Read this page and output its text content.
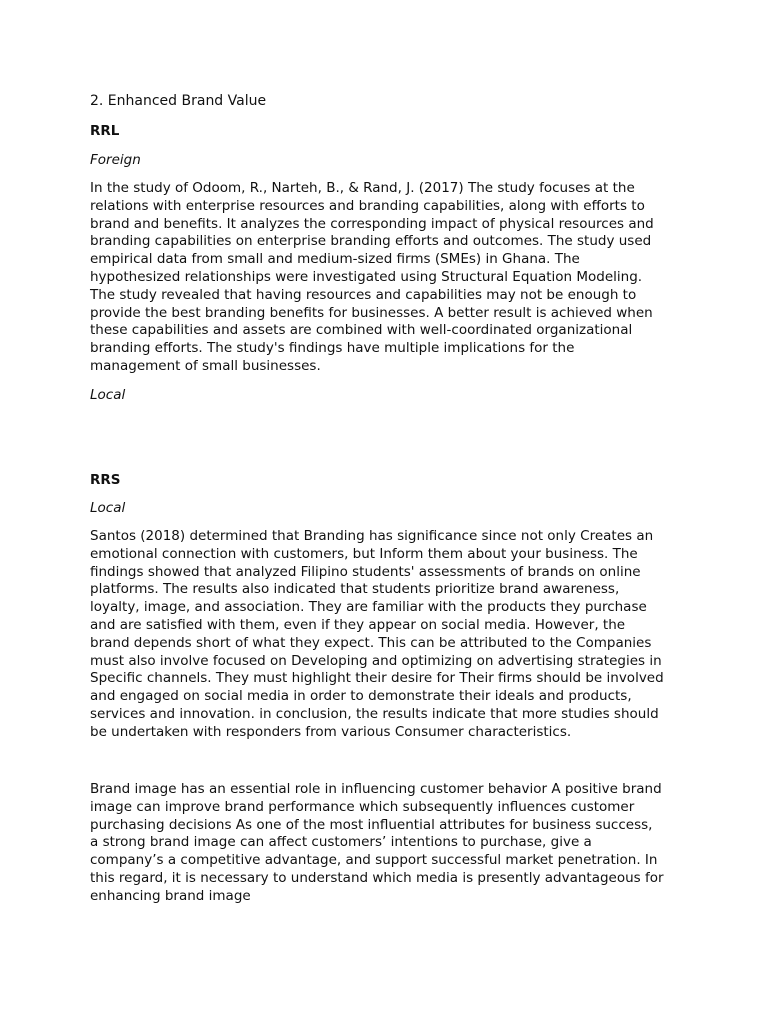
2. Enhanced Brand Value

RRL

Foreign

In the study of Odoom, R., Narteh, B., & Rand, J. (2017) The study focuses at the
relations with enterprise resources and branding capabilities, along with efforts to
brand and benefits. It analyzes the corresponding impact of physical resources and
branding capabilities on enterprise branding efforts and outcomes. The study used
empirical data from small and medium-sized firms (SMEs) in Ghana. The
hypothesized relationships were investigated using Structural Equation Modeling.
The study revealed that having resources and capabilities may not be enough to
provide the best branding benefits for businesses. A better result is achieved when
these capabilities and assets are combined with well-coordinated organizational
branding efforts. The study's findings have multiple implications for the
management of small businesses.

Local

RRS

Local

Santos (2018) determined that Branding has significance since not only Creates an
emotional connection with customers, but Inform them about your business. The
findings showed that analyzed Filipino students' assessments of brands on online
platforms. The results also indicated that students prioritize brand awareness,
loyalty, image, and association. They are familiar with the products they purchase
and are satisfied with them, even if they appear on social media. However, the
brand depends short of what they expect. This can be attributed to the Companies
must also involve focused on Developing and optimizing on advertising strategies in
Specific channels. They must highlight their desire for Their firms should be involved
and engaged on social media in order to demonstrate their ideals and products,
services and innovation. in conclusion, the results indicate that more studies should
be undertaken with responders from various Consumer characteristics.

Brand image has an essential role in influencing customer behavior A positive brand
image can improve brand performance which subsequently influences customer
purchasing decisions As one of the most influential attributes for business success,
a strong brand image can affect customers’ intentions to purchase, give a
company’s a competitive advantage, and support successful market penetration. In
this regard, it is necessary to understand which media is presently advantageous for
enhancing brand image
